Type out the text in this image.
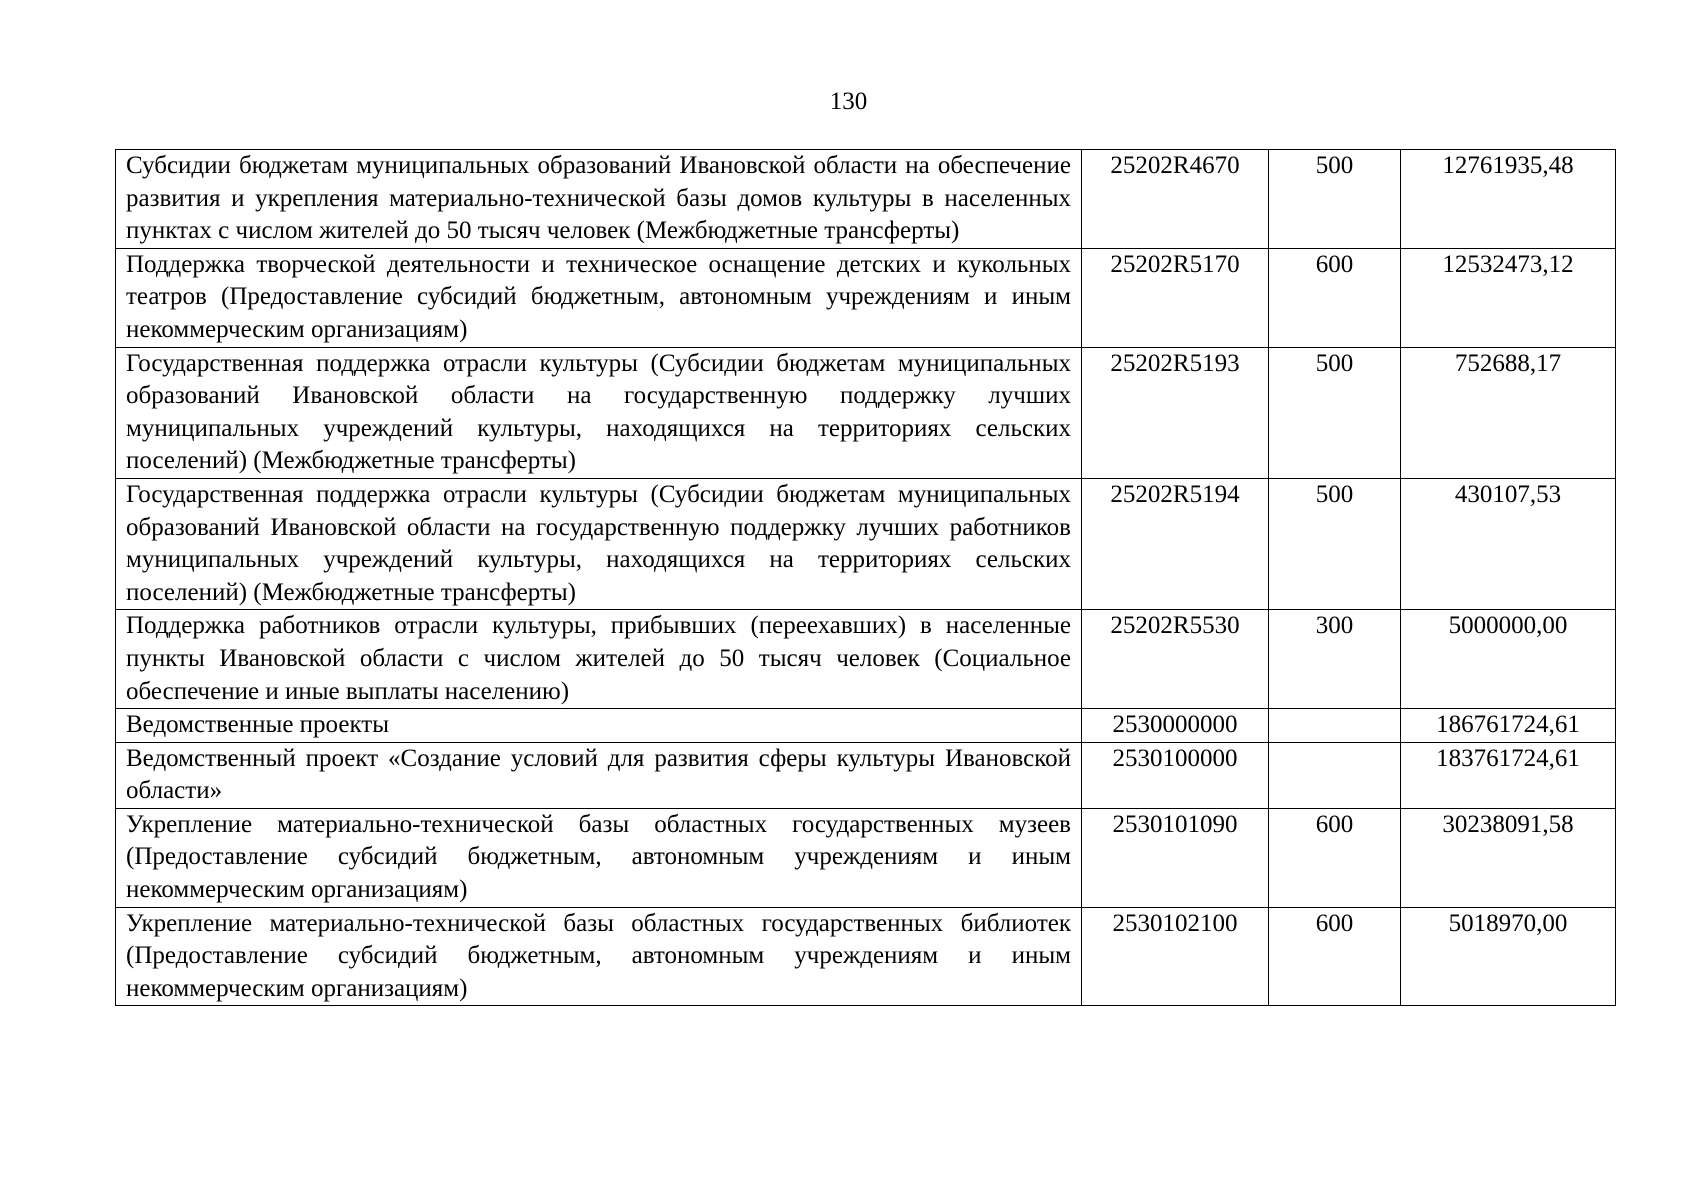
130
Субсидии бюджетам муниципальных образований Ивановской области на обеспечение развития и укрепления материально-технической базы домов культуры в населенных пунктах с числом жителей до 50 тысяч человек (Межбюджетные трансферты)	25202R4670	500	12761935,48
Поддержка творческой деятельности и техническое оснащение детских и кукольных театров (Предоставление субсидий бюджетным, автономным учреждениям и иным некоммерческим организациям)	25202R5170	600	12532473,12
Государственная поддержка отрасли культуры (Субсидии бюджетам муниципальных образований Ивановской области на государственную поддержку лучших муниципальных учреждений культуры, находящихся на территориях сельских поселений) (Межбюджетные трансферты)	25202R5193	500	752688,17
Государственная поддержка отрасли культуры (Субсидии бюджетам муниципальных образований Ивановской области на государственную поддержку лучших работников муниципальных учреждений культуры, находящихся на территориях сельских поселений) (Межбюджетные трансферты)	25202R5194	500	430107,53
Поддержка работников отрасли культуры, прибывших (переехавших) в населенные пункты Ивановской области с числом жителей до 50 тысяч человек (Социальное обеспечение и иные выплаты населению)	25202R5530	300	5000000,00
Ведомственные проекты	2530000000		186761724,61
Ведомственный проект «Создание условий для развития сферы культуры Ивановской области»	2530100000		183761724,61
Укрепление материально-технической базы областных государственных музеев (Предоставление субсидий бюджетным, автономным учреждениям и иным некоммерческим организациям)	2530101090	600	30238091,58
Укрепление материально-технической базы областных государственных библиотек (Предоставление субсидий бюджетным, автономным учреждениям и иным некоммерческим организациям)	2530102100	600	5018970,00
